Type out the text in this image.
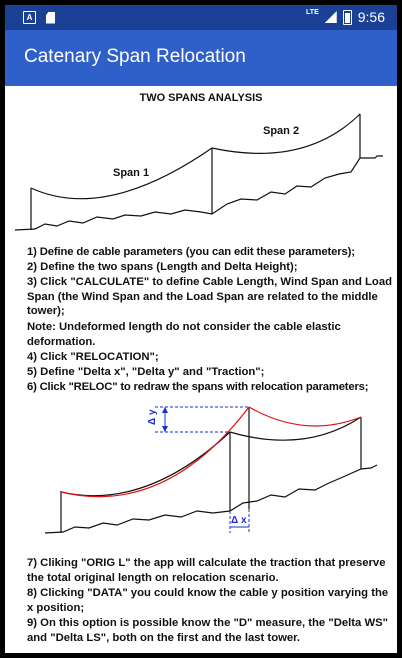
A
LTE	9:56
Catenary Span Relocation
TWO SPANS ANALYSIS
Span 1
Span 2
1) Define de cable parameters (you can edit these parameters);
2) Define the two spans (Length and Delta Height);
3) Click "CALCULATE" to define Cable Length, Wind Span and Load Span (the Wind Span and the Load Span are related to the middle tower);
Note: Undeformed length do not consider the cable elastic deformation.
4) Click "RELOCATION";
5) Define "Delta x", "Delta y" and "Traction";
6) Click "RELOC" to redraw the spans with relocation parameters;
Δ y
Δ x
7) Cliking "ORIG L" the app will calculate the traction that preserve the total original length on relocation scenario.
8) Clicking "DATA" you could know the cable y position varying the x position;
9) On this option is possible know the "D" measure, the "Delta WS" and "Delta LS", both on the first and the last tower.
